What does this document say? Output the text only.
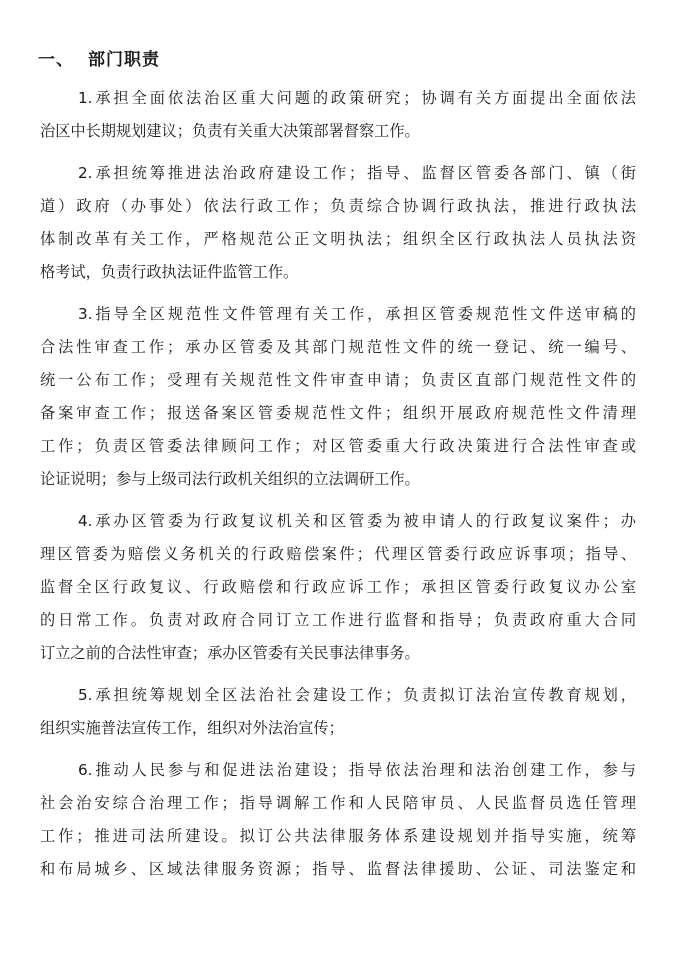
一、 部门职责
1.承担全面依法治区重大问题的政策研究；协调有关方面提出全面依法
治区中长期规划建议；负责有关重大决策部署督察工作。
2.承担统筹推进法治政府建设工作；指导、监督区管委各部门、镇（街
道）政府（办事处）依法行政工作；负责综合协调行政执法，推进行政执法
体制改革有关工作，严格规范公正文明执法；组织全区行政执法人员执法资
格考试，负责行政执法证件监管工作。
3.指导全区规范性文件管理有关工作，承担区管委规范性文件送审稿的
合法性审查工作；承办区管委及其部门规范性文件的统一登记、统一编号、
统一公布工作；受理有关规范性文件审查申请；负责区直部门规范性文件的
备案审查工作；报送备案区管委规范性文件；组织开展政府规范性文件清理
工作；负责区管委法律顾问工作；对区管委重大行政决策进行合法性审查或
论证说明；参与上级司法行政机关组织的立法调研工作。
4.承办区管委为行政复议机关和区管委为被申请人的行政复议案件；办
理区管委为赔偿义务机关的行政赔偿案件；代理区管委行政应诉事项；指导、
监督全区行政复议、行政赔偿和行政应诉工作；承担区管委行政复议办公室
的日常工作。负责对政府合同订立工作进行监督和指导；负责政府重大合同
订立之前的合法性审查；承办区管委有关民事法律事务。
5.承担统筹规划全区法治社会建设工作；负责拟订法治宣传教育规划，
组织实施普法宣传工作，组织对外法治宣传；
6.推动人民参与和促进法治建设；指导依法治理和法治创建工作，参与
社会治安综合治理工作；指导调解工作和人民陪审员、人民监督员选任管理
工作；推进司法所建设。拟订公共法律服务体系建设规划并指导实施，统筹
和布局城乡、区域法律服务资源；指导、监督法律援助、公证、司法鉴定和
